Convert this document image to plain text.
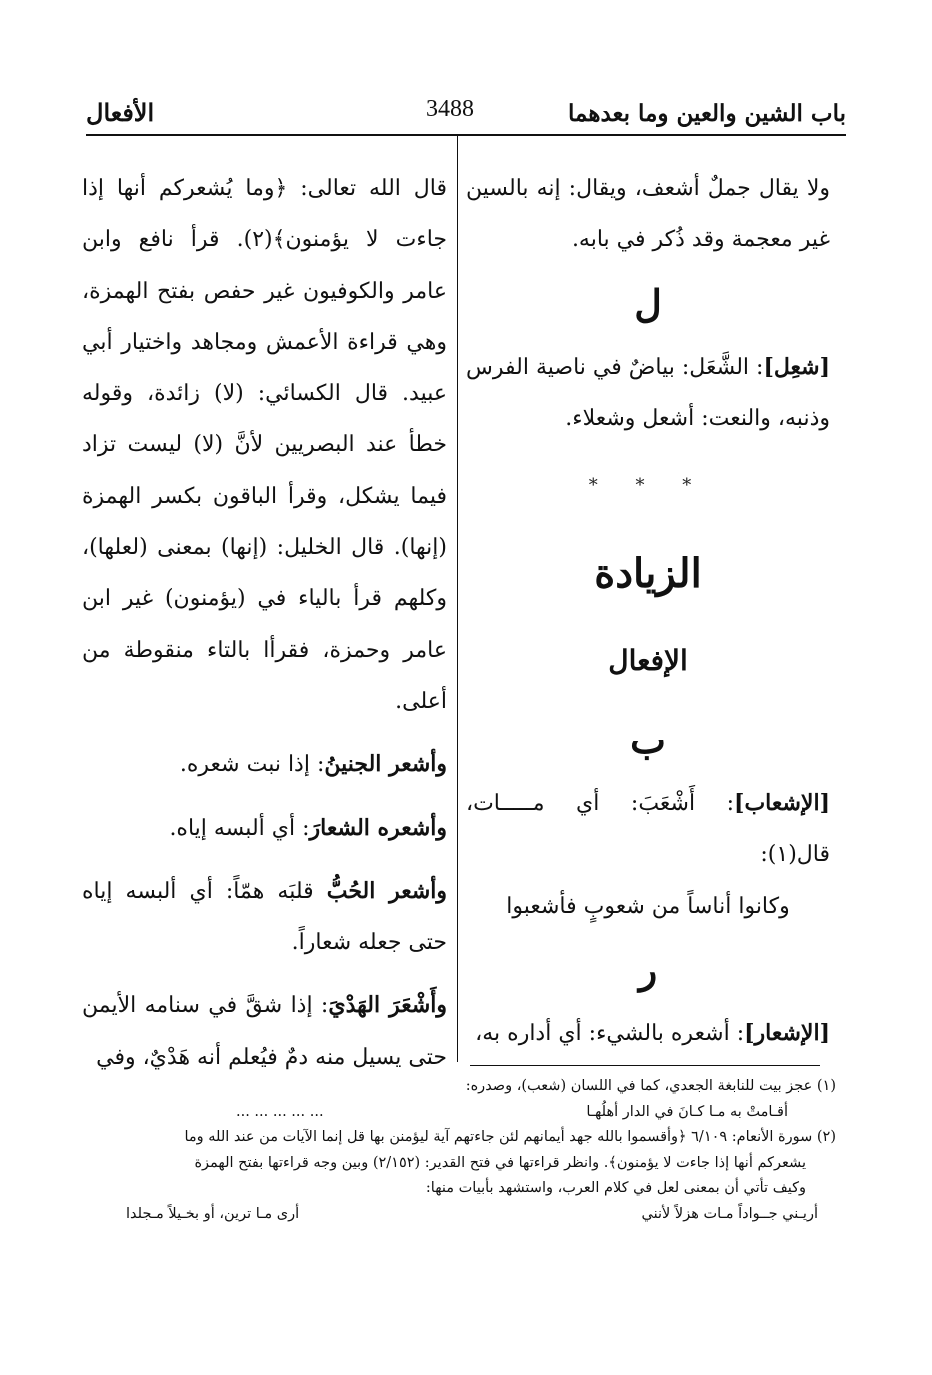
باب الشين والعين وما بعدهما
3488
الأفعال

ولا يقال جملٌ أشعف، ويقال: إنه بالسين غير معجمة وقد ذُكر في بابه.

ل

[شعِل]: الشَّعَل: بياضٌ في ناصية الفرس وذنبه، والنعت: أشعل وشعلاء.

* * *
الزيادة
الإفعال
ب

[الإشعاب]: أَشْعَبَ: أي مـــــات، قال(١):

وكانوا أناساً من شعوبٍ فأشعبوا

ر

[الإشعار]: أشعره بالشيء: أي أداره به،

قال الله تعالى: ﴿وما يُشعركم أنها إذا جاءت لا يؤمنون﴾(٢). قرأ نافع وابن عامر والكوفيون غير حفص بفتح الهمزة، وهي قراءة الأعمش ومجاهد واختيار أبي عبيد. قال الكسائي: (لا) زائدة، وقوله خطأ عند البصريين لأنَّ (لا) ليست تزاد فيما يشكل، وقرأ الباقون بكسر الهمزة (إنها). قال الخليل: (إنها) بمعنى (لعلها)، وكلهم قرأ بالياء في (يؤمنون) غير ابن عامر وحمزة، فقرأا بالتاء منقوطة من أعلى.

وأشعر الجنينُ: إذا نبت شعره.

وأشعره الشعارَ: أي ألبسه إياه.

وأشعر الحُبُّ قلبَه همّاً: أي ألبسه إياه حتى جعله شعاراً.

وأَشْعَرَ الهَدْيَ: إذا شقَّ في سنامه الأيمن حتى يسيل منه دمٌ فيُعلم أنه هَدْيٌ، وفي

(١) عجز بيت للنابغة الجعدي، كما في اللسان (شعب)، وصدره:

أقـامتْ به مـا كـانَ في الدار أهلُهـا
... ... ... ... ...

(٢) سورة الأنعام: ٦/١٠٩ ﴿وأقسموا بالله جهد أيمانهم لئن جاءتهم آية ليؤمنن بها قل إنما الآيات من عند الله وما

يشعركم أنها إذا جاءت لا يؤمنون﴾. وانظر قراءتها في فتح القدير: (٢/١٥٢) وبين وجه قراءتها بفتح الهمزة

وكيف تأتي أن بمعنى لعل في كلام العرب، واستشهد بأبيات منها:

أريـني جــواداً مـات هزلاً لأنني
أرى مـا ترين، أو بخـيلاً مـجلدا
